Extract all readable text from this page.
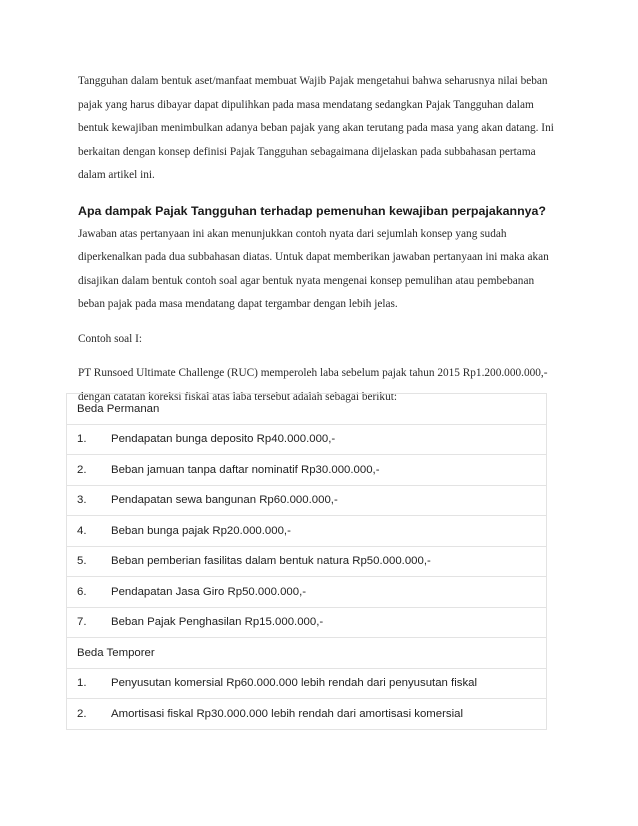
Tangguhan dalam bentuk aset/manfaat membuat Wajib Pajak mengetahui bahwa seharusnya nilai beban pajak yang harus dibayar dapat dipulihkan pada masa mendatang sedangkan Pajak Tangguhan dalam bentuk kewajiban menimbulkan adanya beban pajak yang akan terutang pada masa yang akan datang. Ini berkaitan dengan konsep definisi Pajak Tangguhan sebagaimana dijelaskan pada subbahasan pertama dalam artikel ini.

Apa dampak Pajak Tangguhan terhadap pemenuhan kewajiban perpajakannya?

Jawaban atas pertanyaan ini akan menunjukkan contoh nyata dari sejumlah konsep yang sudah diperkenalkan pada dua subbahasan diatas. Untuk dapat memberikan jawaban pertanyaan ini maka akan disajikan dalam bentuk contoh soal agar bentuk nyata mengenai konsep pemulihan atau pembebanan beban pajak pada masa mendatang dapat tergambar dengan lebih jelas.

Contoh soal I:

PT Runsoed Ultimate Challenge (RUC) memperoleh laba sebelum pajak tahun 2015 Rp1.200.000.000,- dengan catatan koreksi fiskal atas laba tersebut adalah sebagai berikut:

Beda Permanan
1. Pendapatan bunga deposito Rp40.000.000,-
2. Beban jamuan tanpa daftar nominatif Rp30.000.000,-
3. Pendapatan sewa bangunan Rp60.000.000,-
4. Beban bunga pajak Rp20.000.000,-
5. Beban pemberian fasilitas dalam bentuk natura Rp50.000.000,-
6. Pendapatan Jasa Giro Rp50.000.000,-
7. Beban Pajak Penghasilan Rp15.000.000,-
Beda Temporer
1. Penyusutan komersial Rp60.000.000 lebih rendah dari penyusutan fiskal
2. Amortisasi fiskal Rp30.000.000 lebih rendah dari amortisasi komersial
